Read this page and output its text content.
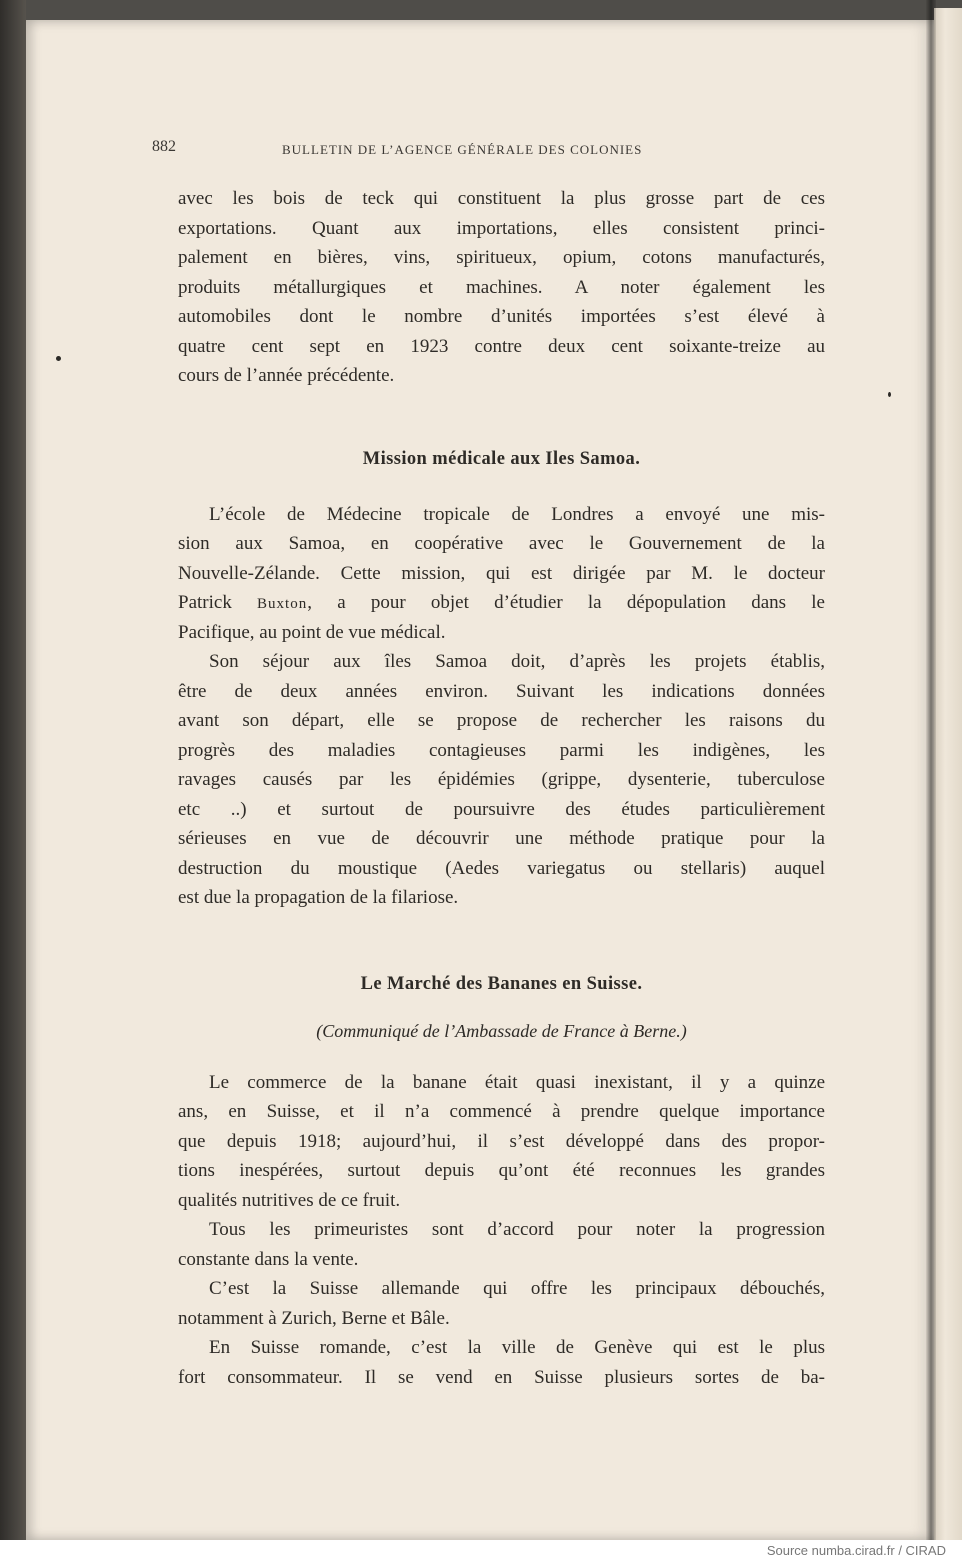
882	BULLETIN DE L’AGENCE GÉNÉRALE DES COLONIES
avec les bois de teck qui constituent la plus grosse part de ces
exportations. Quant aux importations, elles consistent princi-
palement en bières, vins, spiritueux, opium, cotons manufacturés,
produits métallurgiques et machines. A noter également les
automobiles dont le nombre d’unités importées s’est élevé à
quatre cent sept en 1923 contre deux cent soixante-treize au
cours de l’année précédente.
Mission médicale aux Iles Samoa.
L’école de Médecine tropicale de Londres a envoyé une mis-
sion aux Samoa, en coopérative avec le Gouvernement de la
Nouvelle-Zélande. Cette mission, qui est dirigée par M. le docteur
Patrick Buxton, a pour objet d’étudier la dépopulation dans le
Pacifique, au point de vue médical.
Son séjour aux îles Samoa doit, d’après les projets établis,
être de deux années environ. Suivant les indications données
avant son départ, elle se propose de rechercher les raisons du
progrès des maladies contagieuses parmi les indigènes, les
ravages causés par les épidémies (grippe, dysenterie, tuberculose
etc ..) et surtout de poursuivre des études particulièrement
sérieuses en vue de découvrir une méthode pratique pour la
destruction du moustique (Aedes variegatus ou stellaris) auquel
est due la propagation de la filariose.
Le Marché des Bananes en Suisse.
(Communiqué de l’Ambassade de France à Berne.)
Le commerce de la banane était quasi inexistant, il y a quinze
ans, en Suisse, et il n’a commencé à prendre quelque importance
que depuis 1918; aujourd’hui, il s’est développé dans des propor-
tions inespérées, surtout depuis qu’ont été reconnues les grandes
qualités nutritives de ce fruit.
Tous les primeuristes sont d’accord pour noter la progression
constante dans la vente.
C’est la Suisse allemande qui offre les principaux débouchés,
notamment à Zurich, Berne et Bâle.
En Suisse romande, c’est la ville de Genève qui est le plus
fort consommateur. Il se vend en Suisse plusieurs sortes de ba-
Source numba.cirad.fr / CIRAD
